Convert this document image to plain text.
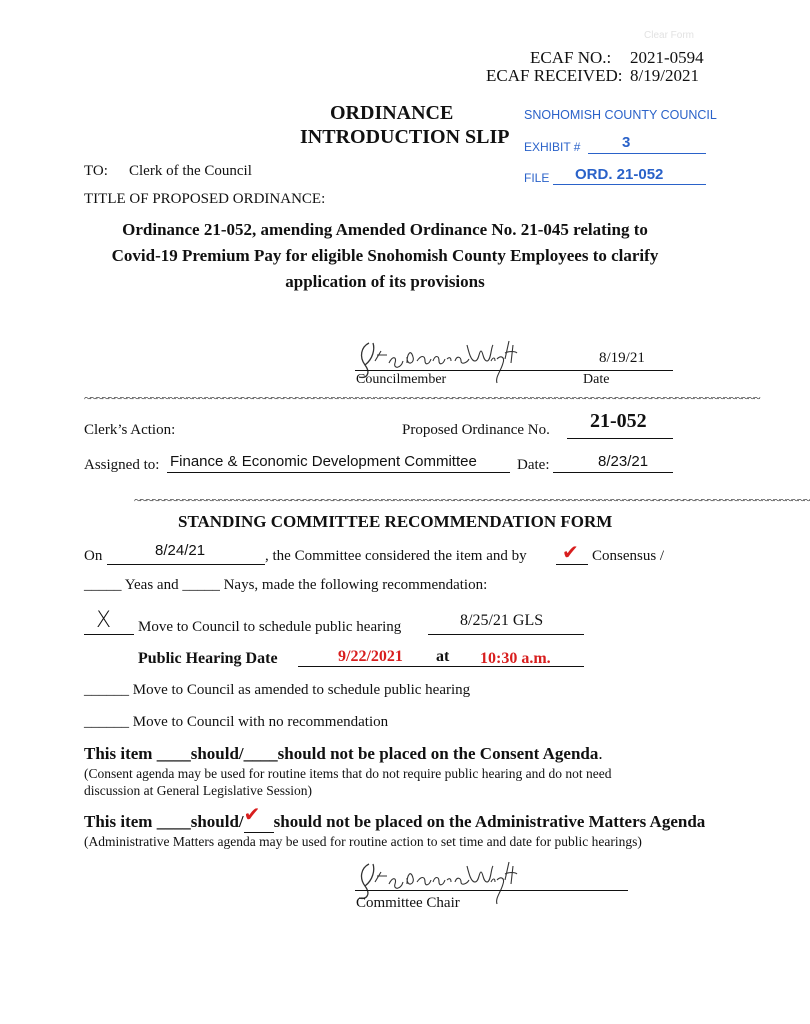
Clear Form
ECAF NO.: 2021-0594
ECAF RECEIVED: 8/19/2021
ORDINANCE
INTRODUCTION SLIP
SNOHOMISH COUNTY COUNCIL
EXHIBIT #	3
FILE ORD. 21-052
TO: Clerk of the Council
TITLE OF PROPOSED ORDINANCE:
Ordinance 21-052, amending Amended Ordinance No. 21-045 relating to
Covid-19 Premium Pay for eligible Snohomish County Employees to clarify
application of its provisions
8/19/21
Councilmember	Date
~~~~~~~~~~~~~~~~~~~~~~~~~~~~~~~~~~~~~~~~~~~~~~~~~~~~~~~~~~~~~~~~~~~~~~~~~~~~~~~~~~~~~~~~~~~~~~~~~~~~~~~~~~~~~~~~
Clerk’s Action:	Proposed Ordinance No. 21-052
Assigned to: Finance & Economic Development Committee	Date:	8/23/21
~~~~~~~~~~~~~~~~~~~~~~~~~~~~~~~~~~~~~~~~~~~~~~~~~~~~~~~~~~~~~~~~~~~~~~~~~~~~~~~~~~~~~~~~~~~~~~~~~~~~~~~~~~~~~~~~
STANDING COMMITTEE RECOMMENDATION FORM
On	8/24/21	, the Committee considered the item and by ✔ Consensus /
_____ Yeas and _____ Nays, made the following recommendation:
X Move to Council to schedule public hearing	8/25/21 GLS
Public Hearing Date	9/22/2021 at 10:30 a.m.
______ Move to Council as amended to schedule public hearing
______ Move to Council with no recommendation
This item ____should/____should not be placed on the Consent Agenda.
(Consent agenda may be used for routine items that do not require public hearing and do not need
discussion at General Legislative Session)
This item ____should/ ✔ should not be placed on the Administrative Matters Agenda
(Administrative Matters agenda may be used for routine action to set time and date for public hearings)
Committee Chair
